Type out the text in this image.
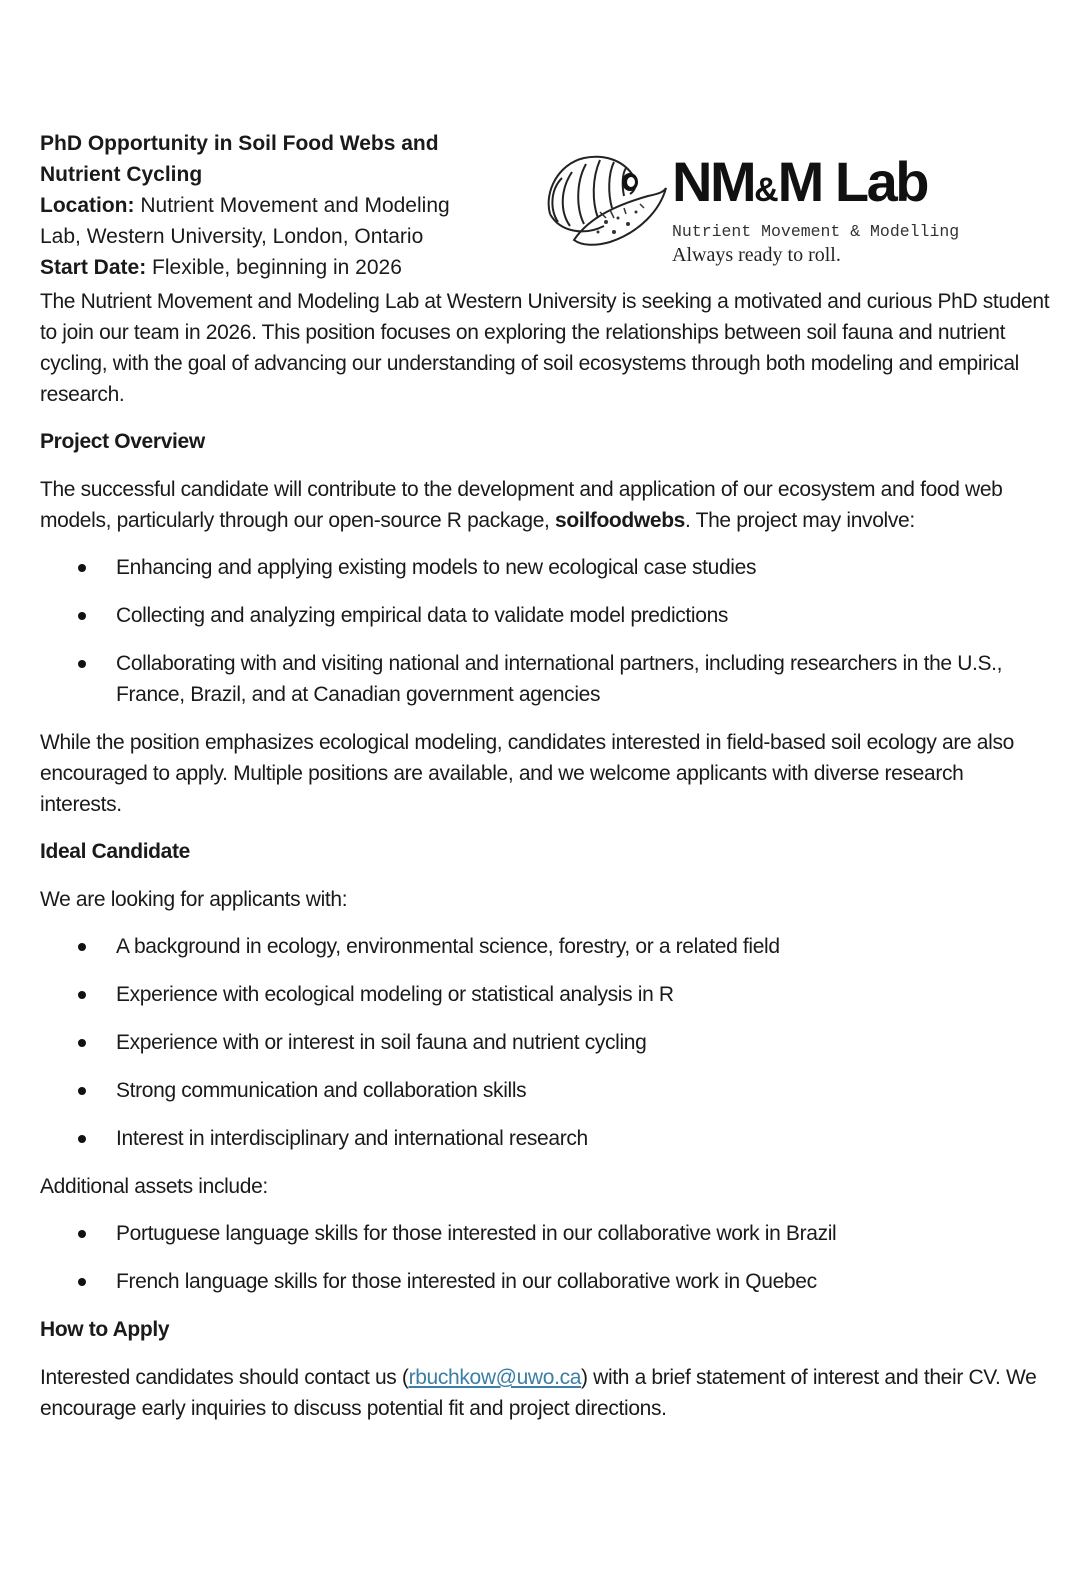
PhD Opportunity in Soil Food Webs and
Nutrient Cycling
Location: Nutrient Movement and Modeling
Lab, Western University, London, Ontario
Start Date: Flexible, beginning in 2026
NM&M Lab
Nutrient Movement & Modelling
Always ready to roll.

The Nutrient Movement and Modeling Lab at Western University is seeking a motivated and curious PhD student to join our team in 2026. This position focuses on exploring the relationships between soil fauna and nutrient cycling, with the goal of advancing our understanding of soil ecosystems through both modeling and empirical research.

Project Overview

The successful candidate will contribute to the development and application of our ecosystem and food web models, particularly through our open-source R package, soilfoodwebs. The project may involve:

Enhancing and applying existing models to new ecological case studies
Collecting and analyzing empirical data to validate model predictions
Collaborating with and visiting national and international partners, including researchers in the U.S., France, Brazil, and at Canadian government agencies

While the position emphasizes ecological modeling, candidates interested in field-based soil ecology are also encouraged to apply. Multiple positions are available, and we welcome applicants with diverse research interests.

Ideal Candidate

We are looking for applicants with:

A background in ecology, environmental science, forestry, or a related field
Experience with ecological modeling or statistical analysis in R
Experience with or interest in soil fauna and nutrient cycling
Strong communication and collaboration skills
Interest in interdisciplinary and international research

Additional assets include:

Portuguese language skills for those interested in our collaborative work in Brazil
French language skills for those interested in our collaborative work in Quebec
How to Apply

Interested candidates should contact us (rbuchkow@uwo.ca) with a brief statement of interest and their CV. We encourage early inquiries to discuss potential fit and project directions.
